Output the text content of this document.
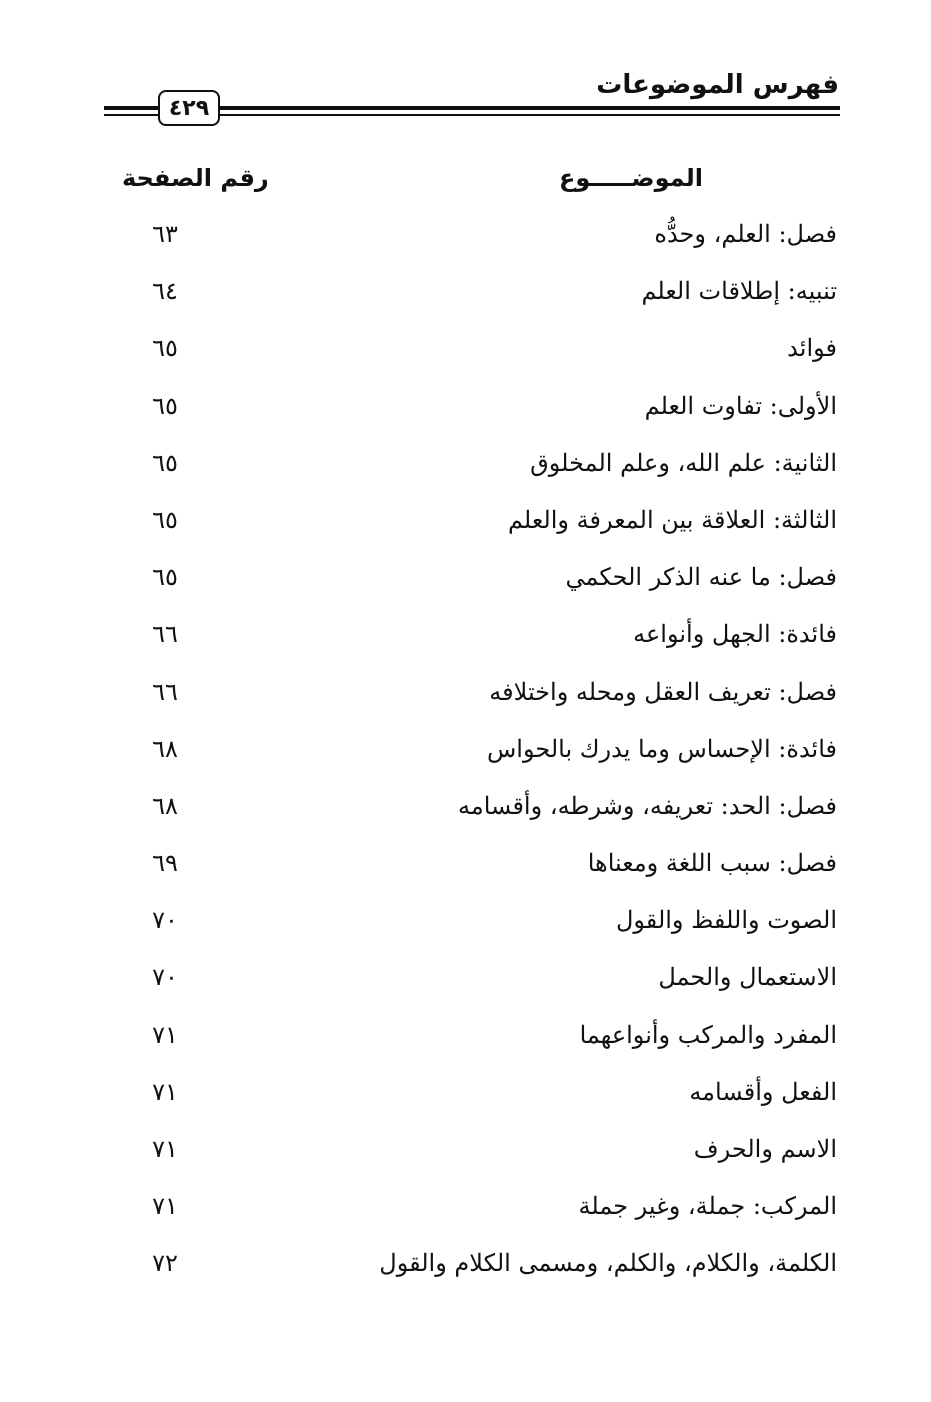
فهرس الموضوعات
٤٢٩
الموضـــــوع
رقم الصفحة
فصل: العلم، وحدُّه
٦٣
تنبيه: إطلاقات العلم
٦٤
فوائد
٦٥
الأولى: تفاوت العلم
٦٥
الثانية: علم الله، وعلم المخلوق
٦٥
الثالثة: العلاقة بين المعرفة والعلم
٦٥
فصل: ما عنه الذكر الحكمي
٦٥
فائدة: الجهل وأنواعه
٦٦
فصل: تعريف العقل ومحله واختلافه
٦٦
فائدة: الإحساس وما يدرك بالحواس
٦٨
فصل: الحد: تعريفه، وشرطه، وأقسامه
٦٨
فصل: سبب اللغة ومعناها
٦٩
الصوت واللفظ والقول
٧٠
الاستعمال والحمل
٧٠
المفرد والمركب وأنواعهما
٧١
الفعل وأقسامه
٧١
الاسم والحرف
٧١
المركب: جملة، وغير جملة
٧١
الكلمة، والكلام، والكلم، ومسمى الكلام والقول
٧٢
